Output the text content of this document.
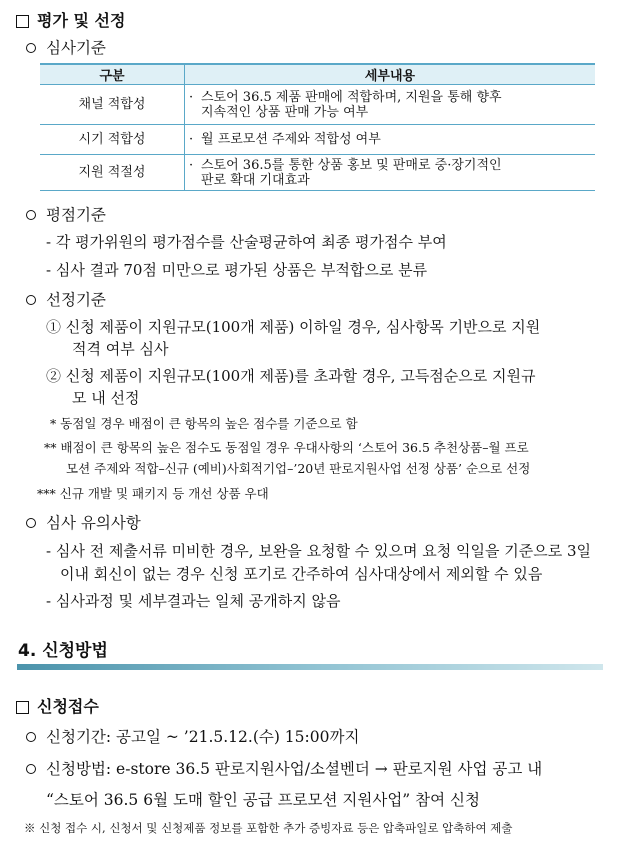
평가 및 선정
심사기준
구분	세부내용
채널 적합성	· 스토어 36.5 제품 판매에 적합하며, 지원을 통해 향후
지속적인 상품 판매 가능 여부

시기 적합성	· 월 프로모션 주제와 적합성 여부

지원 적절성	· 스토어 36.5를 통한 상품 홍보 및 판매로 중·장기적인
판로 확대 기대효과
평점기준
- 각 평가위원의 평가점수를 산술평균하여 최종 평가점수 부여
- 심사 결과 70점 미만으로 평가된 상품은 부적합으로 분류
선정기준
① 신청 제품이 지원규모(100개 제품) 이하일 경우, 심사항목 기반으로 지원
적격 여부 심사
② 신청 제품이 지원규모(100개 제품)를 초과할 경우, 고득점순으로 지원규
모 내 선정
* 동점일 경우 배점이 큰 항목의 높은 점수를 기준으로 함
** 배점이 큰 항목의 높은 점수도 동점일 경우 우대사항의 ‘스토어 36.5 추천상품–월 프로
모션 주제와 적합–신규 (예비)사회적기업–’20년 판로지원사업 선정 상품’ 순으로 선정
*** 신규 개발 및 패키지 등 개선 상품 우대
심사 유의사항
- 심사 전 제출서류 미비한 경우, 보완을 요청할 수 있으며 요청 익일을 기준으로 3일
이내 회신이 없는 경우 신청 포기로 간주하여 심사대상에서 제외할 수 있음
- 심사과정 및 세부결과는 일체 공개하지 않음
4. 신청방법
신청접수
신청기간: 공고일 ~ ’21.5.12.(수) 15:00까지
신청방법: e-store 36.5 판로지원사업/소셜벤더 → 판로지원 사업 공고 내
“스토어 36.5 6월 도매 할인 공급 프로모션 지원사업” 참여 신청
※ 신청 접수 시, 신청서 및 신청제품 정보를 포함한 추가 증빙자료 등은 압축파일로 압축하여 제출
